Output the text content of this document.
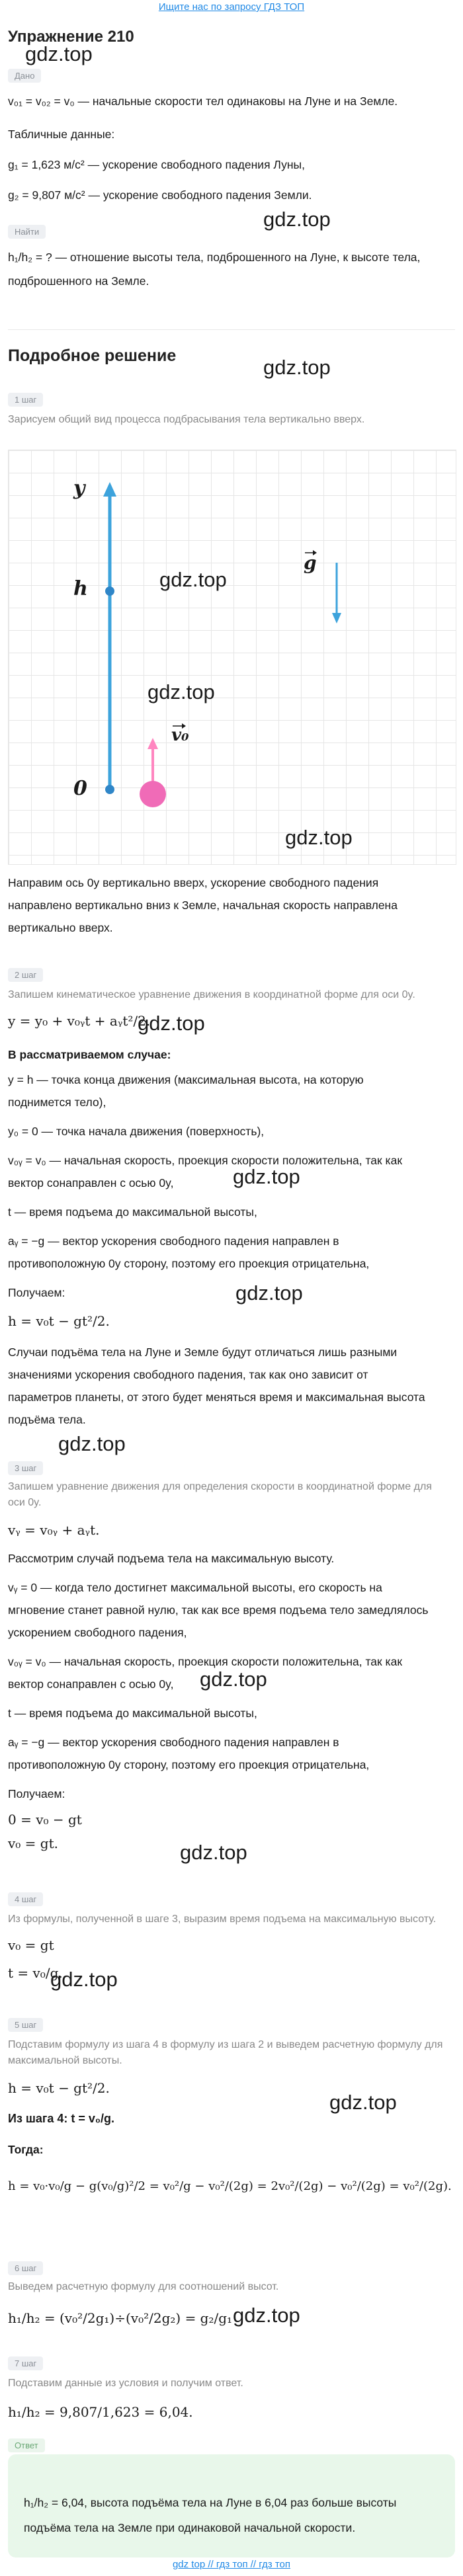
Ищите нас по запросу ГДЗ ТОП
Упражнение 210
gdz.top
Дано
v₀₁ = v₀₂ = v₀ — начальные скорости тел одинаковы на Луне и на Земле.
Табличные данные:
g₁ = 1,623 м/с² — ускорение свободного падения Луны,
g₂ = 9,807 м/с² — ускорение свободного падения Земли.
gdz.top
Найти
h₁/h₂ = ? — отношение высоты тела, подброшенного на Луне, к высоте тела,
подброшенного на Земле.
Подробное решение	gdz.top
1 шаг
Зарисуем общий вид процесса подбрасывания тела вертикально вверх.
y
h
0
v₀
g
gdz.top
gdz.top
gdz.top
Направим ось 0y вертикально вверх, ускорение свободного падения
направлено вертикально вниз к Земле, начальная скорость направлена
вертикально вверх.
2 шаг
Запишем кинематическое уравнение движения в координатной форме для оси 0y.
y = y₀ + v₀ᵧt + aᵧt²/2.
gdz.top
В рассматриваемом случае:
y = h — точка конца движения (максимальная высота, на которую
поднимется тело),
y₀ = 0 — точка начала движения (поверхность),
v₀ᵧ = v₀ — начальная скорость, проекция скорости положительна, так как
вектор сонаправлен с осью 0y,	gdz.top
t — время подъема до максимальной высоты,
aᵧ = −g — вектор ускорения свободного падения направлен в
противоположную 0y сторону, поэтому его проекция отрицательна,
Получаем:
h = v₀t − gt²/2.
gdz.top
Случаи подъёма тела на Луне и Земле будут отличаться лишь разными
значениями ускорения свободного падения, так как оно зависит от
параметров планеты, от этого будет меняться время и максимальная высота
подъёма тела.
gdz.top
3 шаг
Запишем уравнение движения для определения скорости в координатной форме для
оси 0y.
vᵧ = v₀ᵧ + aᵧt.
Рассмотрим случай подъема тела на максимальную высоту.
vᵧ = 0 — когда тело достигнет максимальной высоты, его скорость на
мгновение станет равной нулю, так как все время подъема тело замедлялось
ускорением свободного падения,
v₀ᵧ = v₀ — начальная скорость, проекция скорости положительна, так как
вектор сонаправлен с осью 0y, gdz.top
t — время подъема до максимальной высоты,
aᵧ = −g — вектор ускорения свободного падения направлен в
противоположную 0y сторону, поэтому его проекция отрицательна,
Получаем:
0 = v₀ − gt
v₀ = gt.	gdz.top
4 шаг
Из формулы, полученной в шаге 3, выразим время подъема на максимальную высоту.
v₀ = gt
t = v₀/g.
gdz.top
5 шаг
Подставим формулу из шага 4 в формулу из шага 2 и выведем расчетную формулу для
максимальной высоты.
h = v₀t − gt²/2.
Из шага 4: t = v₀/g.
gdz.top
Тогда:
h = v₀·v₀/g − g(v₀/g)²/2 = v₀²/g − v₀²/(2g) = 2v₀²/(2g) − v₀²/(2g) = v₀²/(2g).
6 шаг
Выведем расчетную формулу для соотношений высот.
h₁/h₂ = (v₀²/2g₁)÷(v₀²/2g₂) = g₂/g₁ gdz.top
7 шаг
Подставим данные из условия и получим ответ.
h₁/h₂ = 9,807/1,623 = 6,04.
Ответ
h₁/h₂ = 6,04, высота подъёма тела на Луне в 6,04 раз больше высоты
подъёма тела на Земле при одинаковой начальной скорости.
gdz top // гдз топ // гдз топ
